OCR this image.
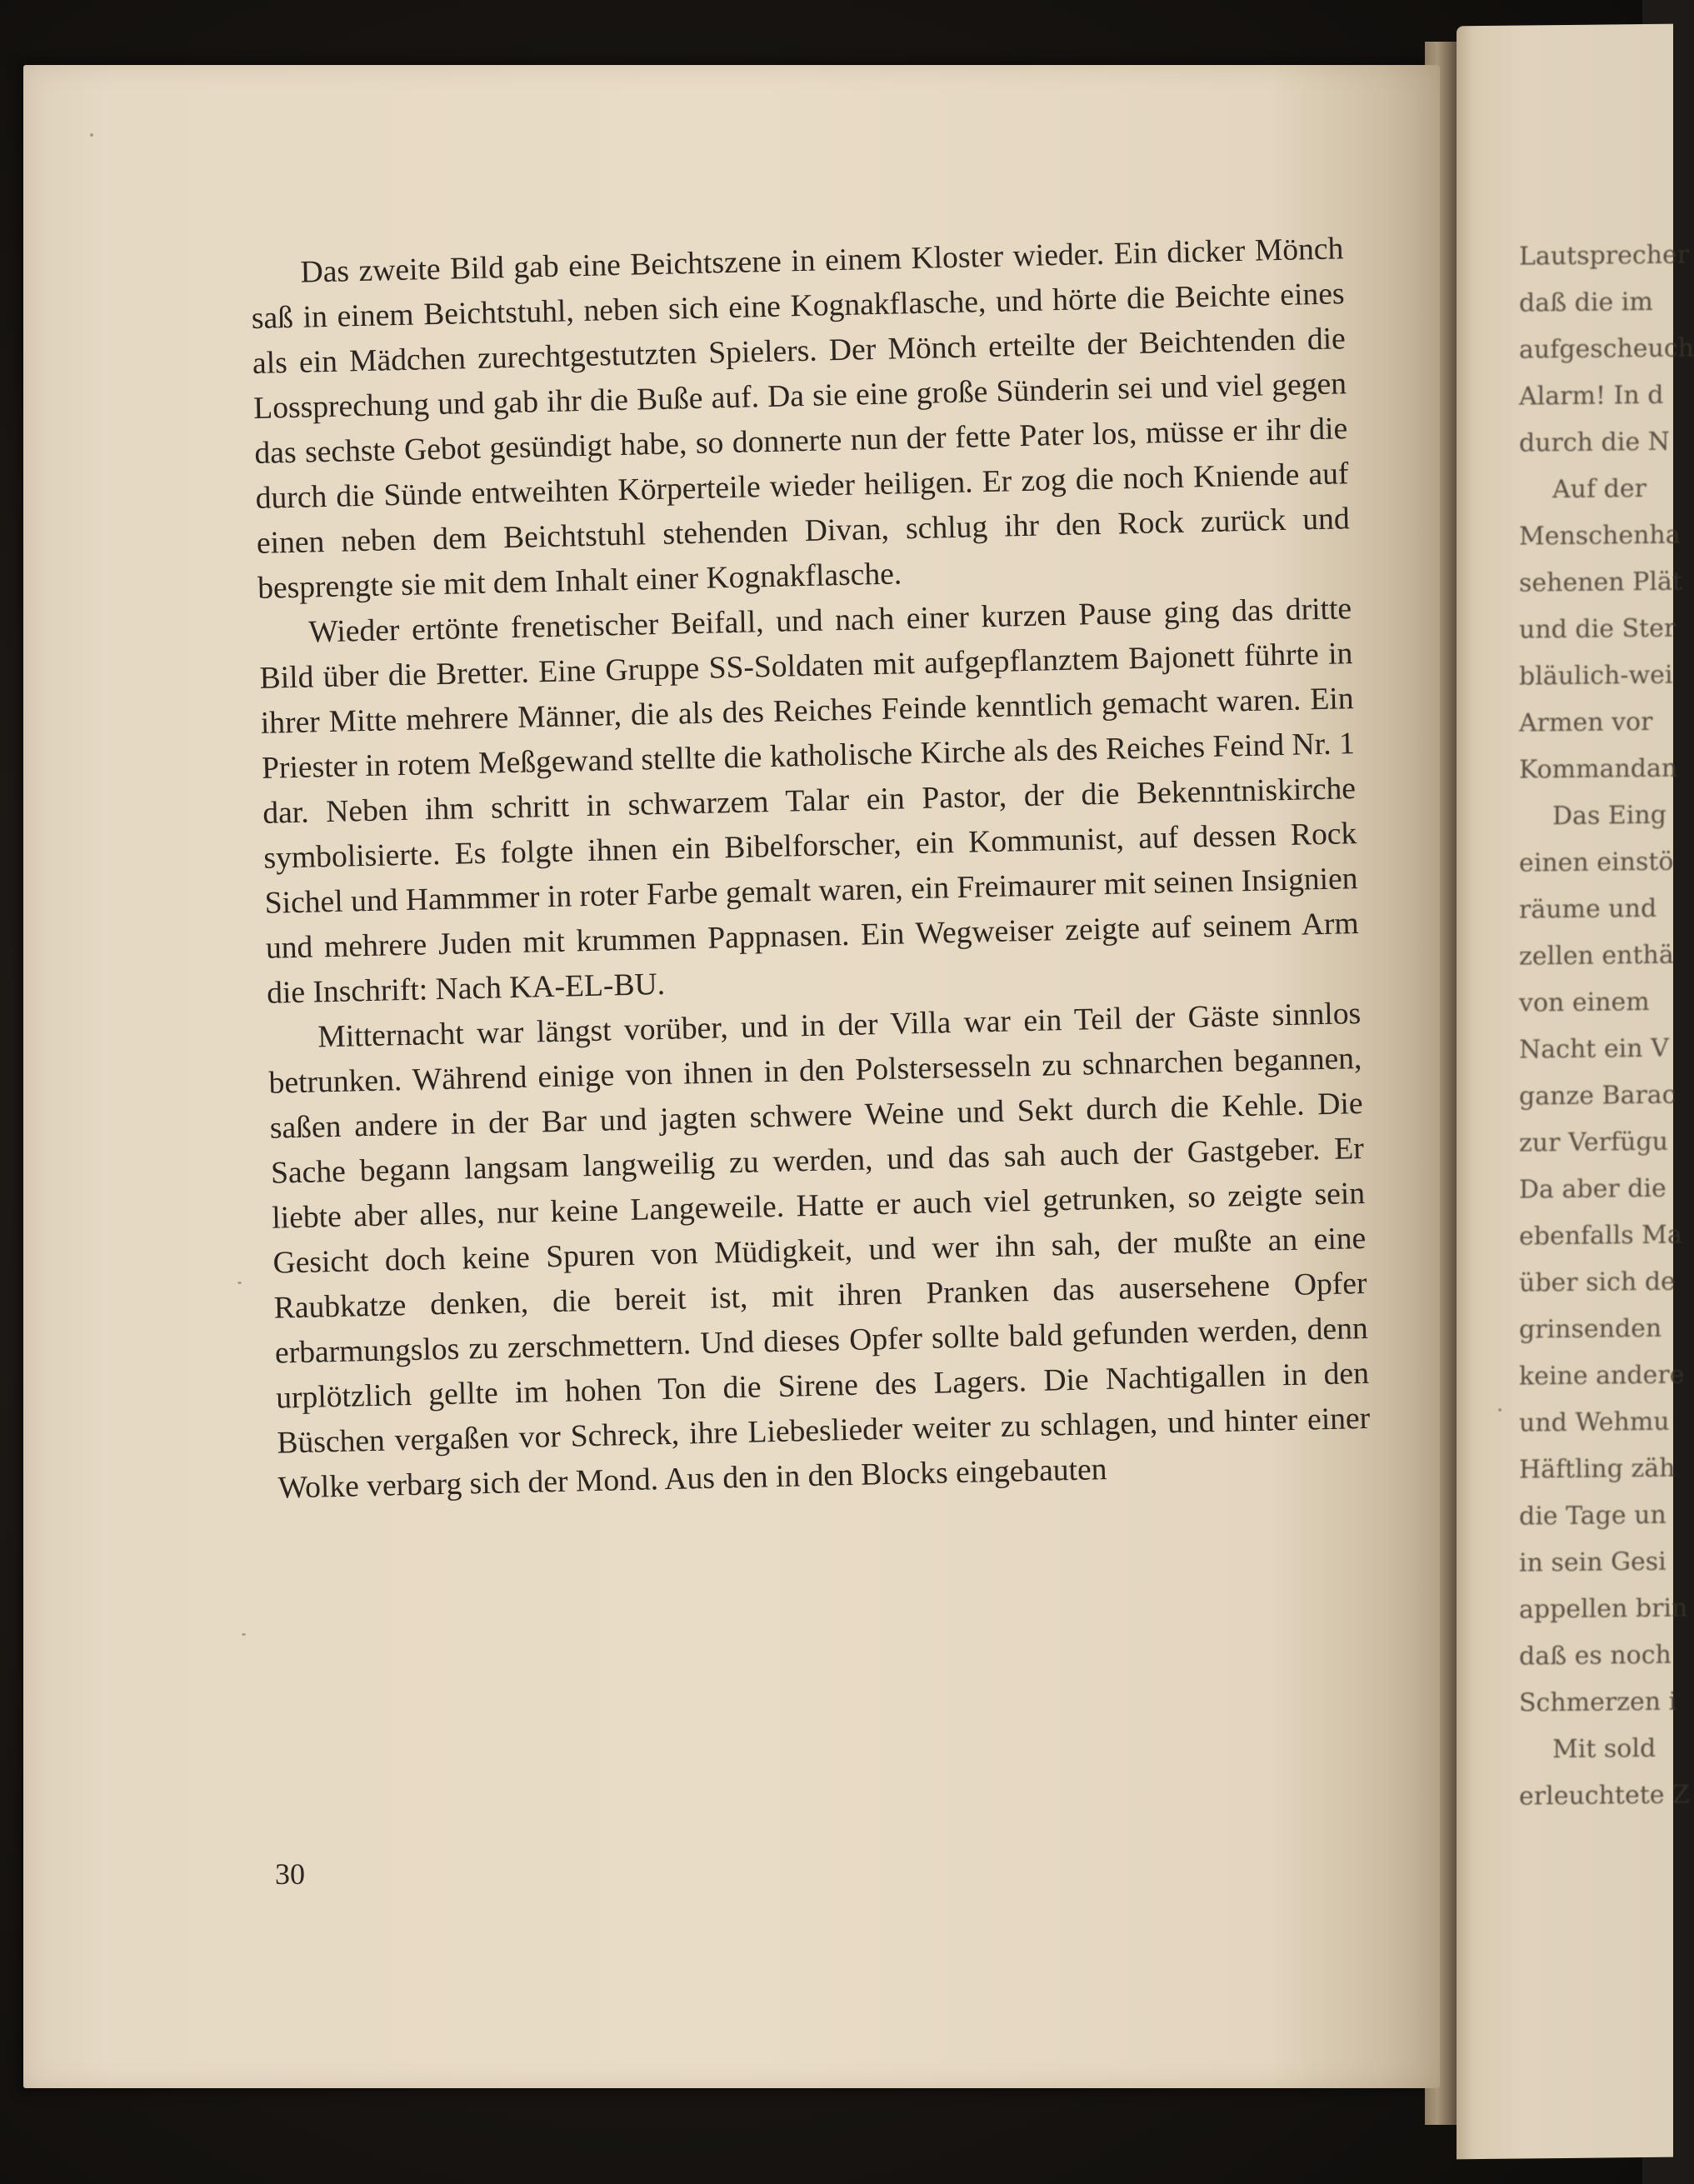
Lautsprecher
daß die im
aufgescheuch
Alarm! In d
durch die N
Auf der
Menschenha
sehenen Plät
und die Ster
bläulich-wei
Armen vor
Kommandan
Das Eing
einen einstö
räume und
zellen enthä
von einem
Nacht ein V
ganze Barac
zur Verfügu
Da aber die
ebenfalls Ma
über sich de
grinsenden
keine andere
und Wehmu
Häftling zäh
die Tage un
in sein Gesi
appellen brin
daß es noch
Schmerzen i
Mit sold
erleuchtete Z

Das zweite Bild gab eine Beichtszene in einem Kloster wieder. Ein dicker Mönch saß in einem Beichtstuhl, neben sich eine Kognakflasche, und hörte die Beichte eines als ein Mädchen zurechtgestutzten Spielers. Der Mönch erteilte der Beichtenden die Lossprechung und gab ihr die Buße auf. Da sie eine große Sünderin sei und viel gegen das sechste Gebot gesündigt habe, so donnerte nun der fette Pater los, müsse er ihr die durch die Sünde entweihten Körperteile wieder heiligen. Er zog die noch Kniende auf einen neben dem Beichtstuhl stehenden Divan, schlug ihr den Rock zurück und besprengte sie mit dem Inhalt einer Kognakflasche.

Wieder ertönte frenetischer Beifall, und nach einer kurzen Pause ging das dritte Bild über die Bretter. Eine Gruppe SS-Soldaten mit aufgepflanztem Bajonett führte in ihrer Mitte mehrere Männer, die als des Reiches Feinde kenntlich gemacht waren. Ein Priester in rotem Meßgewand stellte die katholische Kirche als des Reiches Feind Nr. 1 dar. Neben ihm schritt in schwarzem Talar ein Pastor, der die Bekenntniskirche symbolisierte. Es folgte ihnen ein Bibelforscher, ein Kommunist, auf dessen Rock Sichel und Hammmer in roter Farbe gemalt waren, ein Freimaurer mit seinen Insignien und mehrere Juden mit krummen Pappnasen. Ein Wegweiser zeigte auf seinem Arm die Inschrift: Nach KA-EL-BU.

Mitternacht war längst vorüber, und in der Villa war ein Teil der Gäste sinnlos betrunken. Während einige von ihnen in den Polstersesseln zu schnarchen begannen, saßen andere in der Bar und jagten schwere Weine und Sekt durch die Kehle. Die Sache begann langsam langweilig zu werden, und das sah auch der Gastgeber. Er liebte aber alles, nur keine Langeweile. Hatte er auch viel getrunken, so zeigte sein Gesicht doch keine Spuren von Müdigkeit, und wer ihn sah, der mußte an eine Raubkatze denken, die bereit ist, mit ihren Pranken das ausersehene Opfer erbarmungslos zu zerschmettern. Und dieses Opfer sollte bald gefunden werden, denn urplötzlich gellte im hohen Ton die Sirene des Lagers. Die Nachtigallen in den Büschen vergaßen vor Schreck, ihre Liebeslieder weiter zu schlagen, und hinter einer Wolke verbarg sich der Mond. Aus den in den Blocks eingebauten

30
